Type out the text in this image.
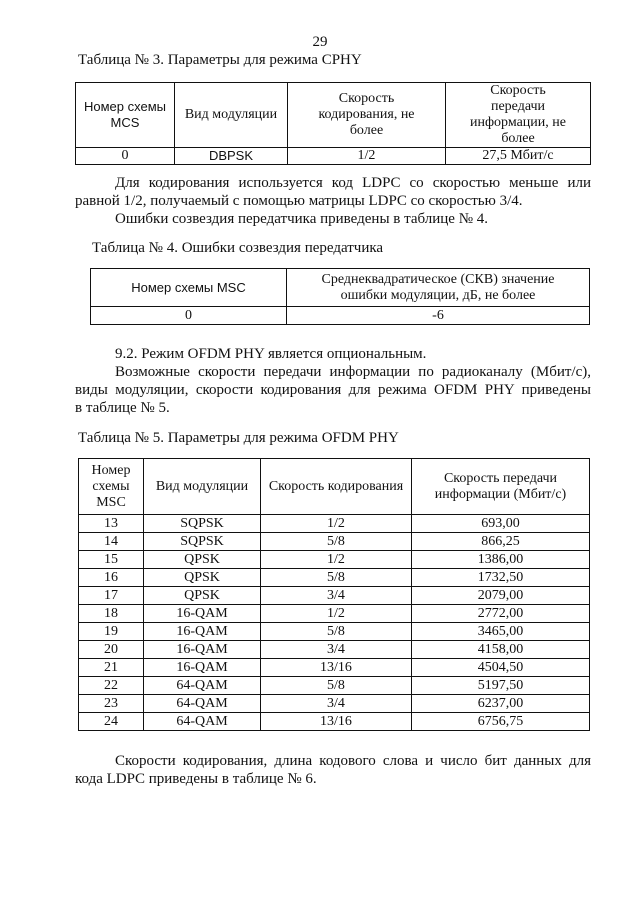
29
Таблица № 3. Параметры для режима CPHY
Номер схемы MCS	Вид модуляции	Скорость кодирования, не более	Скорость передачи информации, не более
0	DBPSK	1/2	27,5 Мбит/с
Для кодирования используется код LDPC со скоростью меньше или
равной 1/2, получаемый с помощью матрицы LDPC со скоростью 3/4.
Ошибки созвездия передатчика приведены в таблице № 4.
Таблица № 4. Ошибки созвездия передатчика
Номер схемы MSC	Среднеквадратическое (СКВ) значение ошибки модуляции, дБ, не более
0	-6
9.2. Режим OFDM PHY является опциональным.
Возможные скорости передачи информации по радиоканалу (Мбит/с),
виды модуляции, скорости кодирования для режима OFDM PHY приведены
в таблице № 5.
Таблица № 5. Параметры для режима OFDM PHY
Номер схемы MSC	Вид модуляции	Скорость кодирования	Скорость передачи информации (Мбит/с)
13	SQPSK	1/2	693,00
14	SQPSK	5/8	866,25
15	QPSK	1/2	1386,00
16	QPSK	5/8	1732,50
17	QPSK	3/4	2079,00
18	16-QAM	1/2	2772,00
19	16-QAM	5/8	3465,00
20	16-QAM	3/4	4158,00
21	16-QAM	13/16	4504,50
22	64-QAM	5/8	5197,50
23	64-QAM	3/4	6237,00
24	64-QAM	13/16	6756,75
Скорости кодирования, длина кодового слова и число бит данных для
кода LDPC приведены в таблице № 6.
